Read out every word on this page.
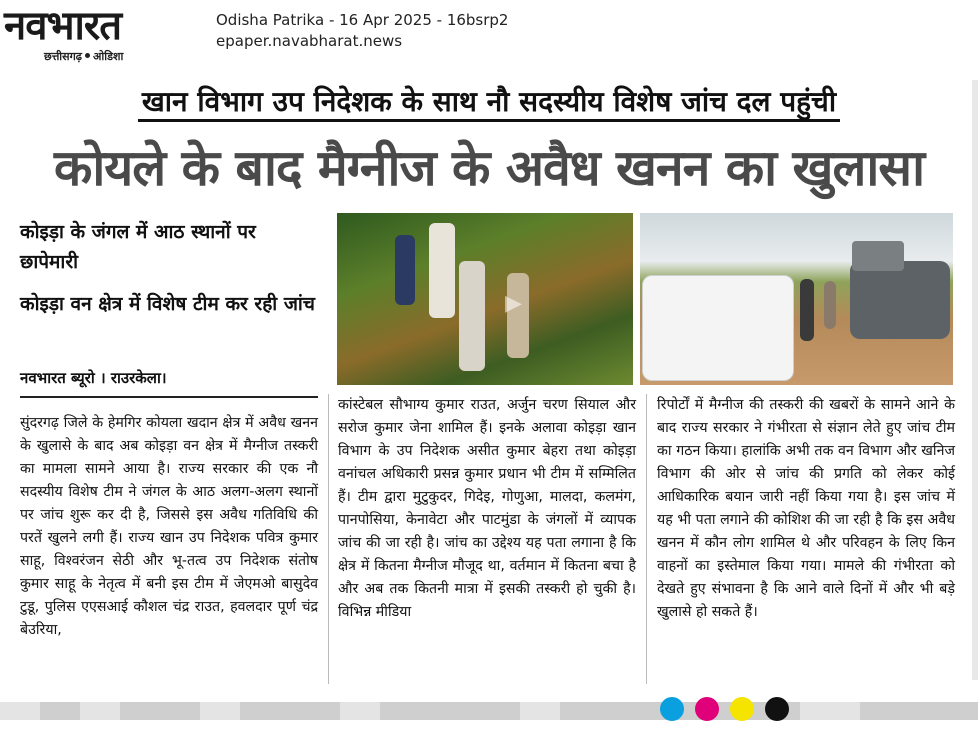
नवभारत
छत्तीसगढ़ ओडिशा
Odisha Patrika - 16 Apr 2025 - 16bsrp2
epaper.navabharat.news
खान विभाग उप निदेशक के साथ नौ सदस्यीय विशेष जांच दल पहुंची
कोयले के बाद मैग्नीज के अवैध खनन का खुलासा
कोइड़ा के जंगल में आठ स्थानों पर छापेमारी
कोइड़ा वन क्षेत्र में विशेष टीम कर रही जांच
नवभारत ब्यूरो । राउरकेला।
▶
सुंदरगढ़ जिले के हेमगिर कोयला खदान क्षेत्र में अवैध खनन के खुलासे के बाद अब कोइड़ा वन क्षेत्र में मैग्नीज तस्करी का मामला सामने आया है। राज्य सरकार की एक नौ सदस्यीय विशेष टीम ने जंगल के आठ अलग-अलग स्थानों पर जांच शुरू कर दी है, जिससे इस अवैध गतिविधि की परतें खुलने लगी हैं। राज्य खान उप निदेशक पवित्र कुमार साहू, विश्वरंजन सेठी और भू-तत्व उप निदेशक संतोष कुमार साहू के नेतृत्व में बनी इस टीम में जेएमओ बासुदेव टुडू, पुलिस एएसआई कौशल चंद्र राउत, हवलदार पूर्ण चंद्र बेउरिया,
कांस्टेबल सौभाग्य कुमार राउत, अर्जुन चरण सियाल और सरोज कुमार जेना शामिल हैं। इनके अलावा कोइड़ा खान विभाग के उप निदेशक असीत कुमार बेहरा तथा कोइड़ा वनांचल अधिकारी प्रसन्न कुमार प्रधान भी टीम में सम्मिलित हैं। टीम द्वारा मुटुकुदर, गिदेइ, गोणुआ, मालदा, कलमंग, पानपोसिया, केनावेटा और पाटमुंडा के जंगलों में व्यापक जांच की जा रही है। जांच का उद्देश्य यह पता लगाना है कि क्षेत्र में कितना मैग्नीज मौजूद था, वर्तमान में कितना बचा है और अब तक कितनी मात्रा में इसकी तस्करी हो चुकी है। विभिन्न मीडिया
रिपोर्टों में मैग्नीज की तस्करी की खबरों के सामने आने के बाद राज्य सरकार ने गंभीरता से संज्ञान लेते हुए जांच टीम का गठन किया। हालांकि अभी तक वन विभाग और खनिज विभाग की ओर से जांच की प्रगति को लेकर कोई आधिकारिक बयान जारी नहीं किया गया है। इस जांच में यह भी पता लगाने की कोशिश की जा रही है कि इस अवैध खनन में कौन लोग शामिल थे और परिवहन के लिए किन वाहनों का इस्तेमाल किया गया। मामले की गंभीरता को देखते हुए संभावना है कि आने वाले दिनों में और भी बड़े खुलासे हो सकते हैं।
